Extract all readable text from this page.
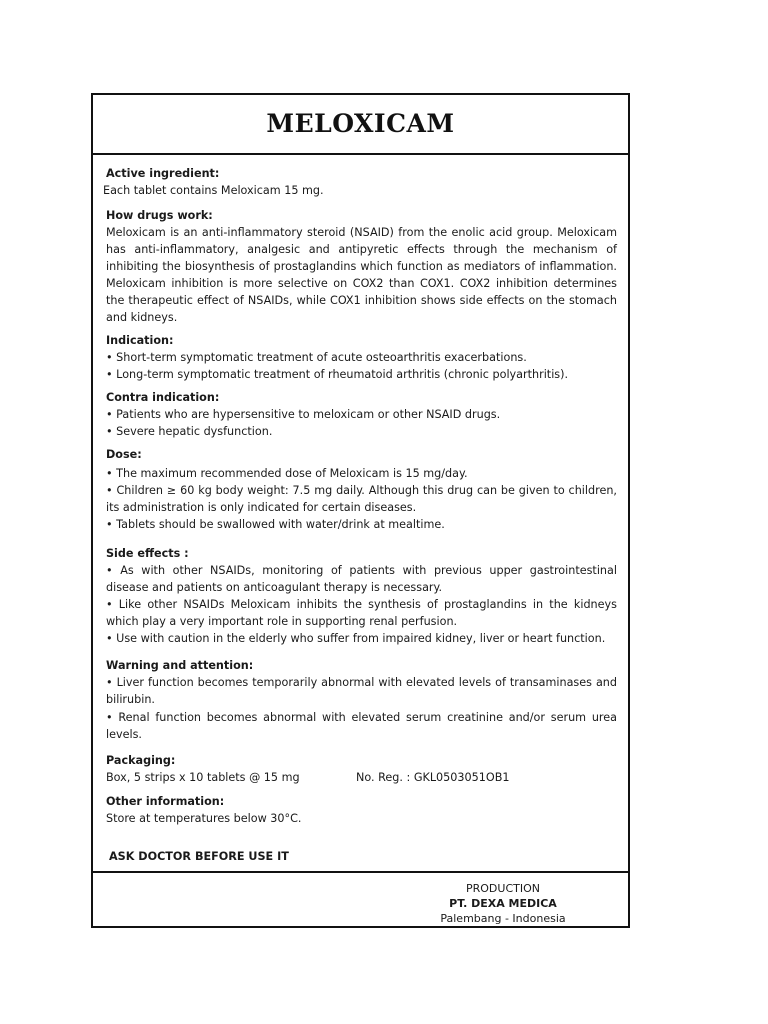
MELOXICAM

Active ingredient:

Each tablet contains Meloxicam 15 mg.

How drugs work:

Meloxicam is an anti-inflammatory steroid (NSAID) from the enolic acid group. Meloxicam has anti-inflammatory, analgesic and antipyretic effects through the mechanism of inhibiting the biosynthesis of prostaglandins which function as mediators of inflammation. Meloxicam inhibition is more selective on COX2 than COX1. COX2 inhibition determines the therapeutic effect of NSAIDs, while COX1 inhibition shows side effects on the stomach and kidneys.

Indication:

• Short-term symptomatic treatment of acute osteoarthritis exacerbations.

• Long-term symptomatic treatment of rheumatoid arthritis (chronic polyarthritis).

Contra indication:

• Patients who are hypersensitive to meloxicam or other NSAID drugs.

• Severe hepatic dysfunction.

Dose:

• The maximum recommended dose of Meloxicam is 15 mg/day.

• Children ≥ 60 kg body weight: 7.5 mg daily. Although this drug can be given to children, its administration is only indicated for certain diseases.

• Tablets should be swallowed with water/drink at mealtime.

Side effects :

• As with other NSAIDs, monitoring of patients with previous upper gastrointestinal disease and patients on anticoagulant therapy is necessary.

• Like other NSAIDs Meloxicam inhibits the synthesis of prostaglandins in the kidneys which play a very important role in supporting renal perfusion.

• Use with caution in the elderly who suffer from impaired kidney, liver or heart function.

Warning and attention:

• Liver function becomes temporarily abnormal with elevated levels of transaminases and bilirubin.

• Renal function becomes abnormal with elevated serum creatinine and/or serum urea levels.

Packaging:

Box, 5 strips x 10 tablets @ 15 mg	No. Reg. : GKL0503051OB1

Other information:

Store at temperatures below 30°C.

ASK DOCTOR BEFORE USE IT

PRODUCTION
PT. DEXA MEDICA
Palembang - Indonesia
